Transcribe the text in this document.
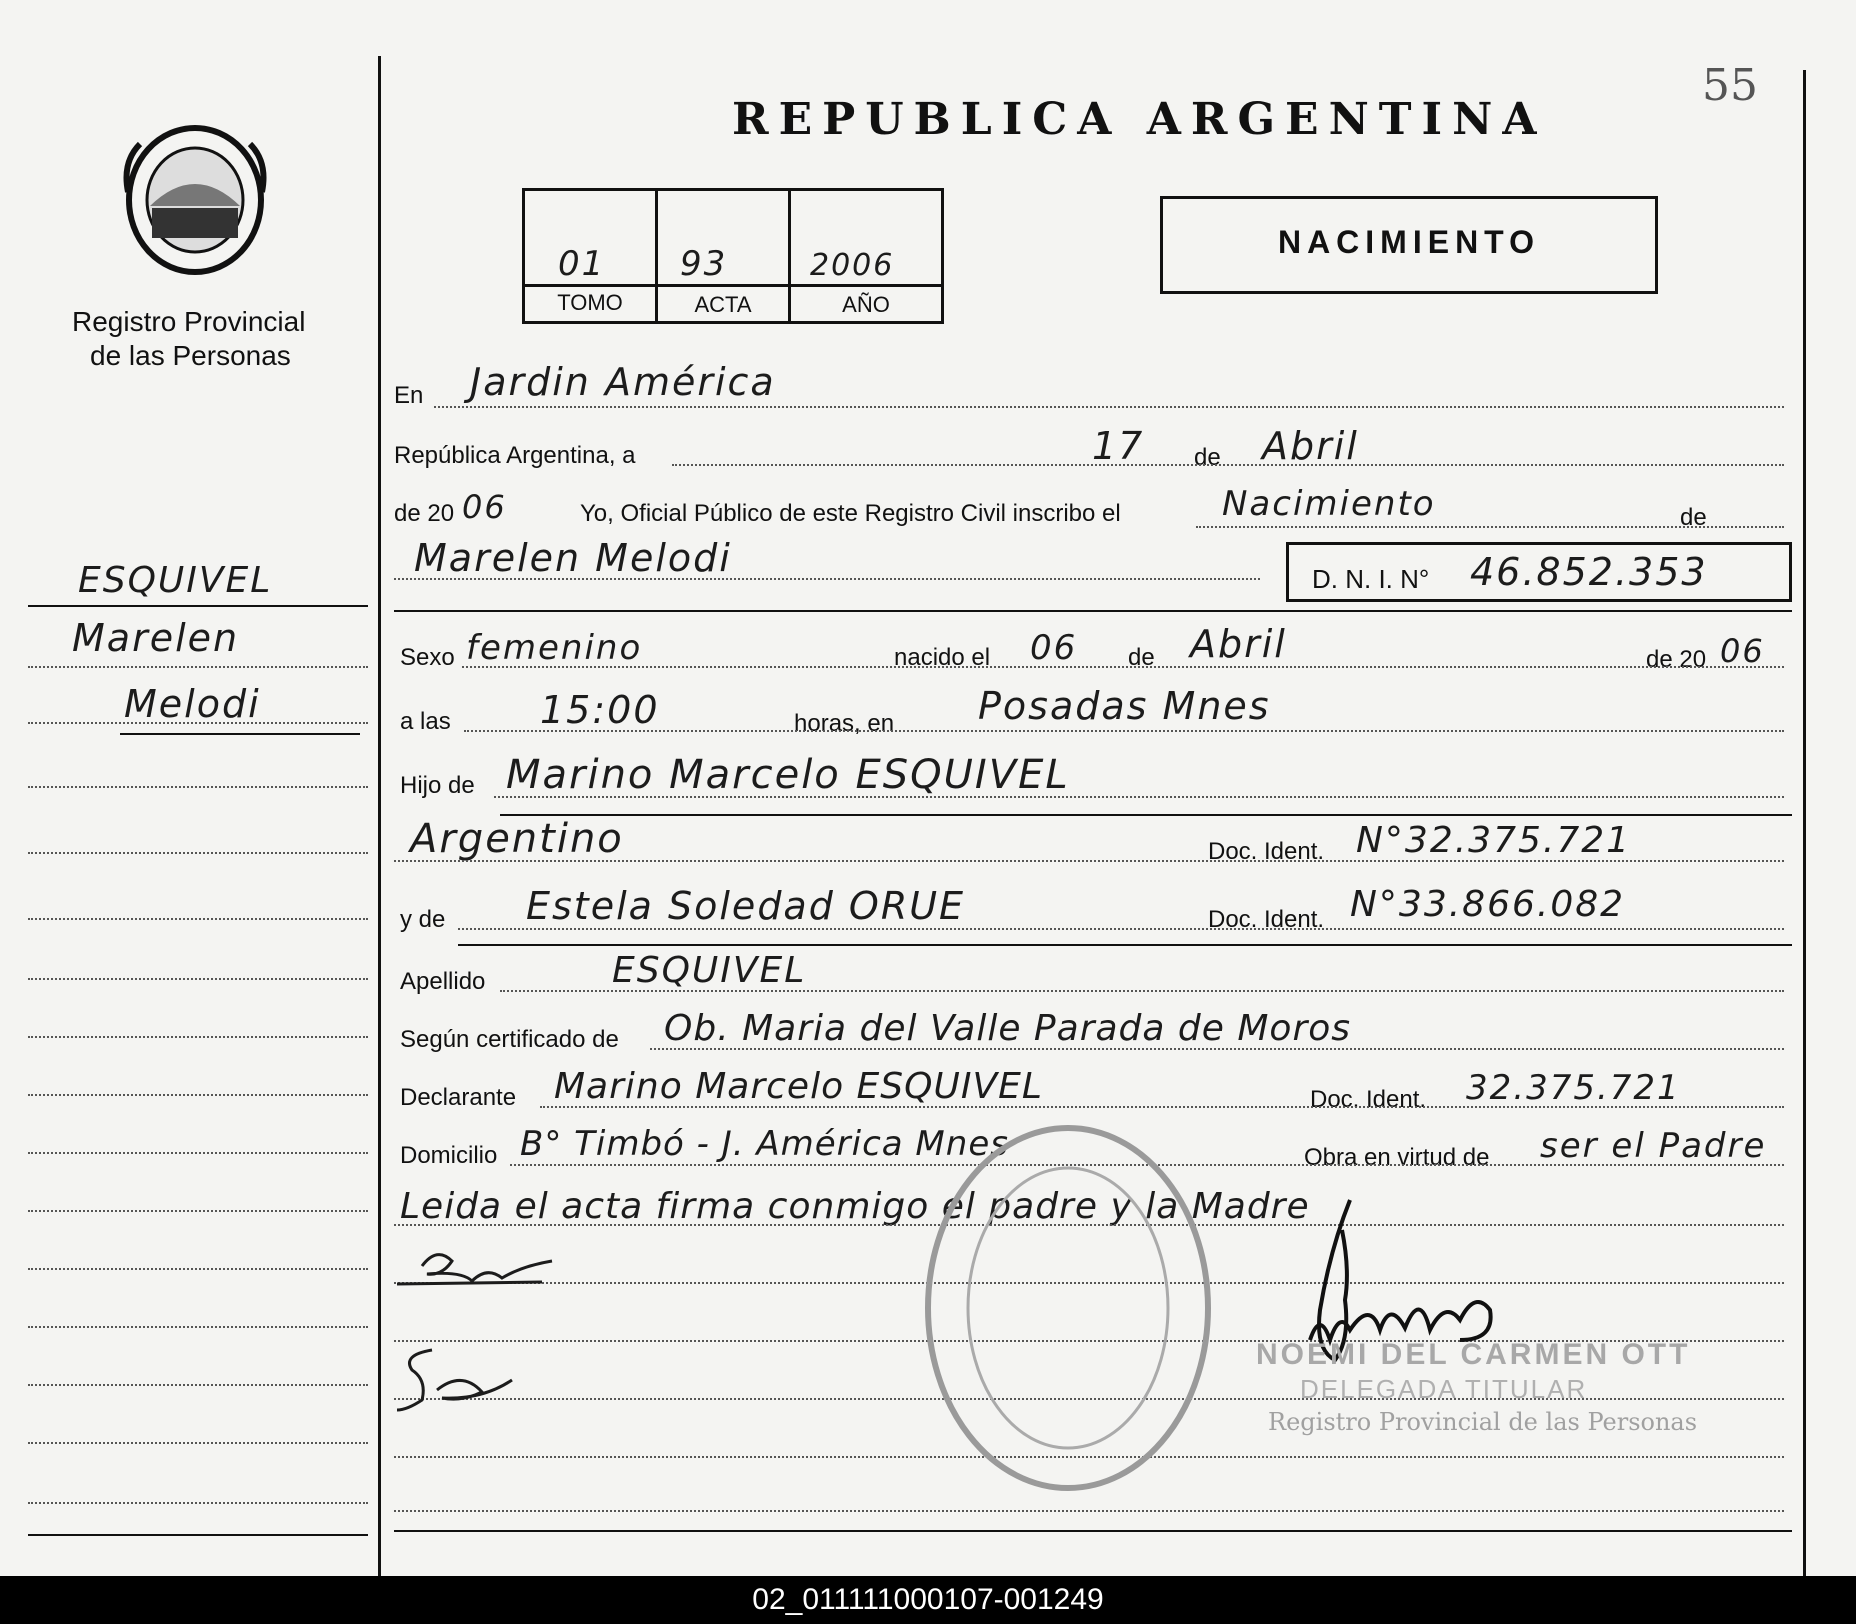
Registro Provincial
de las Personas
ESQUIVEL
Marelen
Melodi
REPUBLICA ARGENTINA
55
01 93	2006
TOMO	ACTA	AÑO
NACIMIENTO
En Jardin América
República Argentina, a	17 de Abril
de 20 06	Yo, Oficial Público de este Registro Civil inscribo el	Nacimiento	de
Marelen Melodi	D. N. I. N° 46.852.353
Sexo femenino	nacido el 06 de Abril	de 20 06
a las 15:00	horas, en Posadas Mnes
Hijo de Marino Marcelo ESQUIVEL
Argentino	Doc. Ident. N°32.375.721
y de Estela Soledad ORUE	Doc. Ident. N°33.866.082
Apellido	ESQUIVEL
Según certificado de Ob. Maria del Valle Parada de Moros
Declarante Marino Marcelo ESQUIVEL	Doc. Ident. 32.375.721
Domicilio B° Timbó - J. América Mnes	Obra en virtud de ser el Padre
Leida el acta firma conmigo el padre y la Madre
NOEMI DEL CARMEN OTT
DELEGADA TITULAR
Registro Provincial de las Personas
02_011111000107-001249
